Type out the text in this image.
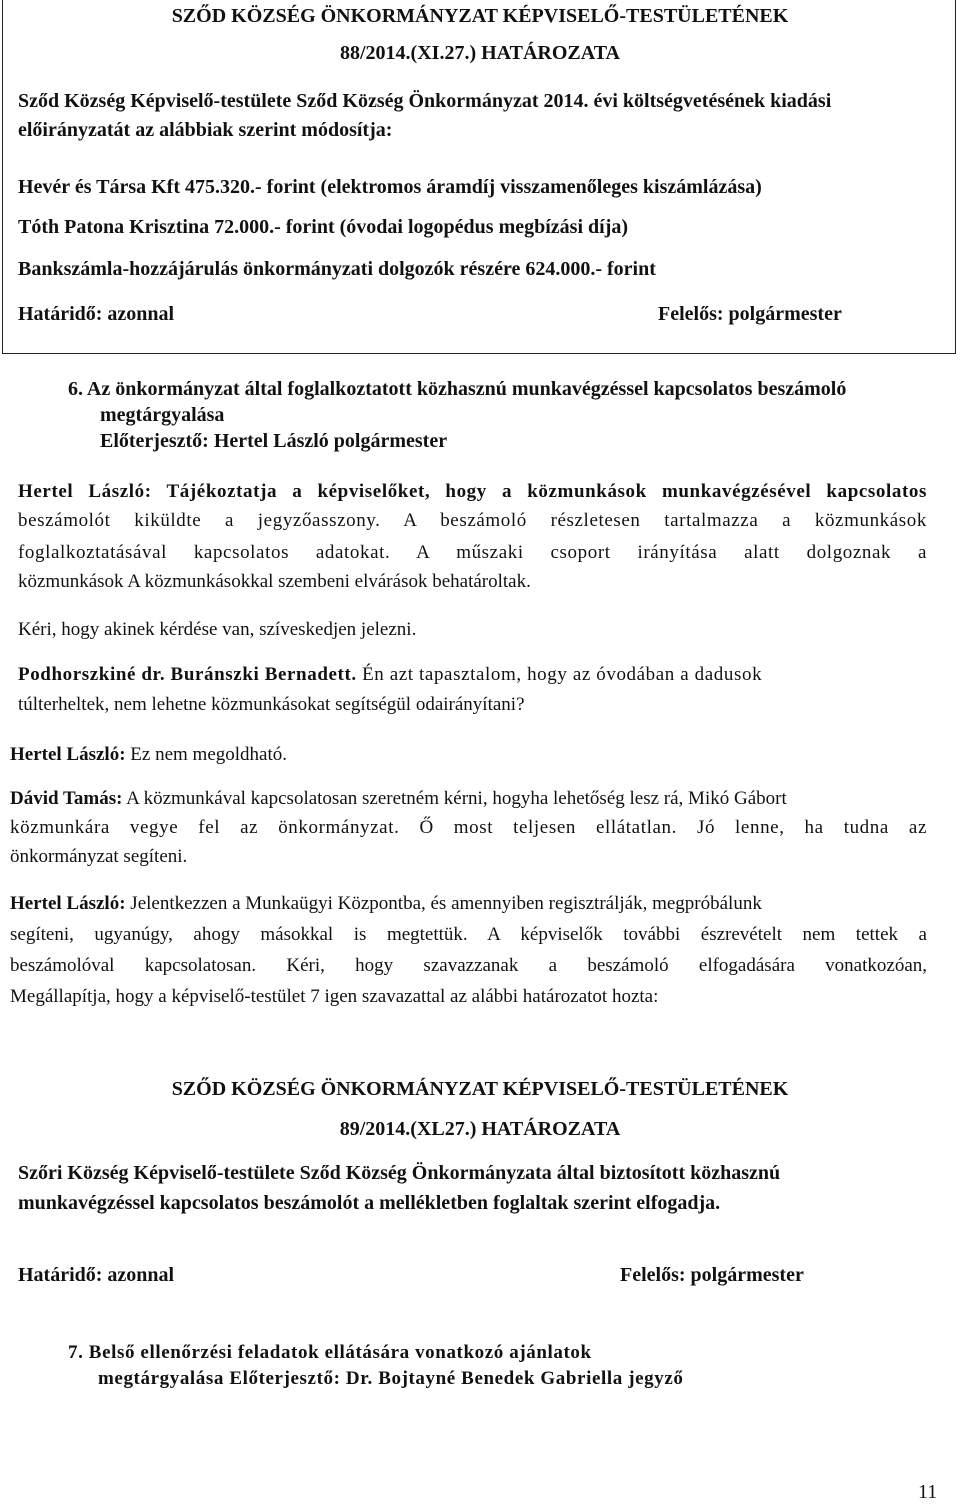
SZŐD KÖZSÉG ÖNKORMÁNYZAT KÉPVISELŐ-TESTÜLETÉNEK
88/2014.(XI.27.) HATÁROZATA
Sződ Község Képviselő-testülete Sződ Község Önkormányzat 2014. évi költségvetésének kiadási
előirányzatát az alábbiak szerint módosítja:
Hevér és Társa Kft 475.320.- forint (elektromos áramdíj visszamenőleges kiszámlázása)
Tóth Patona Krisztina 72.000.- forint (óvodai logopédus megbízási díja)
Bankszámla-hozzájárulás önkormányzati dolgozók részére 624.000.- forint
Határidő: azonnal	Felelős: polgármester
6. Az önkormányzat által foglalkoztatott közhasznú munkavégzéssel kapcsolatos beszámoló
megtárgyalása
Előterjesztő: Hertel László polgármester
Hertel László: Tájékoztatja a képviselőket, hogy a közmunkások munkavégzésével kapcsolatos
beszámolót kiküldte a jegyzőasszony. A beszámoló részletesen tartalmazza a közmunkások
foglalkoztatásával kapcsolatos adatokat. A műszaki csoport irányítása alatt dolgoznak a
közmunkások A közmunkásokkal szembeni elvárások behatároltak.
Kéri, hogy akinek kérdése van, szíveskedjen jelezni.
Podhorszkiné dr. Buránszki Bernadett. Én azt tapasztalom, hogy az óvodában a dadusok
túlterheltek, nem lehetne közmunkásokat segítségül odairányítani?
Hertel László: Ez nem megoldható.
Dávid Tamás: A közmunkával kapcsolatosan szeretném kérni, hogyha lehetőség lesz rá, Mikó Gábort
közmunkára vegye fel az önkormányzat. Ő most teljesen ellátatlan. Jó lenne, ha tudna az
önkormányzat segíteni.
Hertel László: Jelentkezzen a Munkaügyi Központba, és amennyiben regisztrálják, megpróbálunk
segíteni, ugyanúgy, ahogy másokkal is megtettük. A képviselők további észrevételt nem tettek a
beszámolóval kapcsolatosan. Kéri, hogy szavazzanak a beszámoló elfogadására vonatkozóan,
Megállapítja, hogy a képviselő-testület 7 igen szavazattal az alábbi határozatot hozta:
SZŐD KÖZSÉG ÖNKORMÁNYZAT KÉPVISELŐ-TESTÜLETÉNEK
89/2014.(XL27.) HATÁROZATA
Szőri Község Képviselő-testülete Sződ Község Önkormányzata által biztosított közhasznú
munkavégzéssel kapcsolatos beszámolót a mellékletben foglaltak szerint elfogadja.
Határidő: azonnal	Felelős: polgármester
7. Belső ellenőrzési feladatok ellátására vonatkozó ajánlatok
megtárgyalása Előterjesztő: Dr. Bojtayné Benedek Gabriella jegyző
11
